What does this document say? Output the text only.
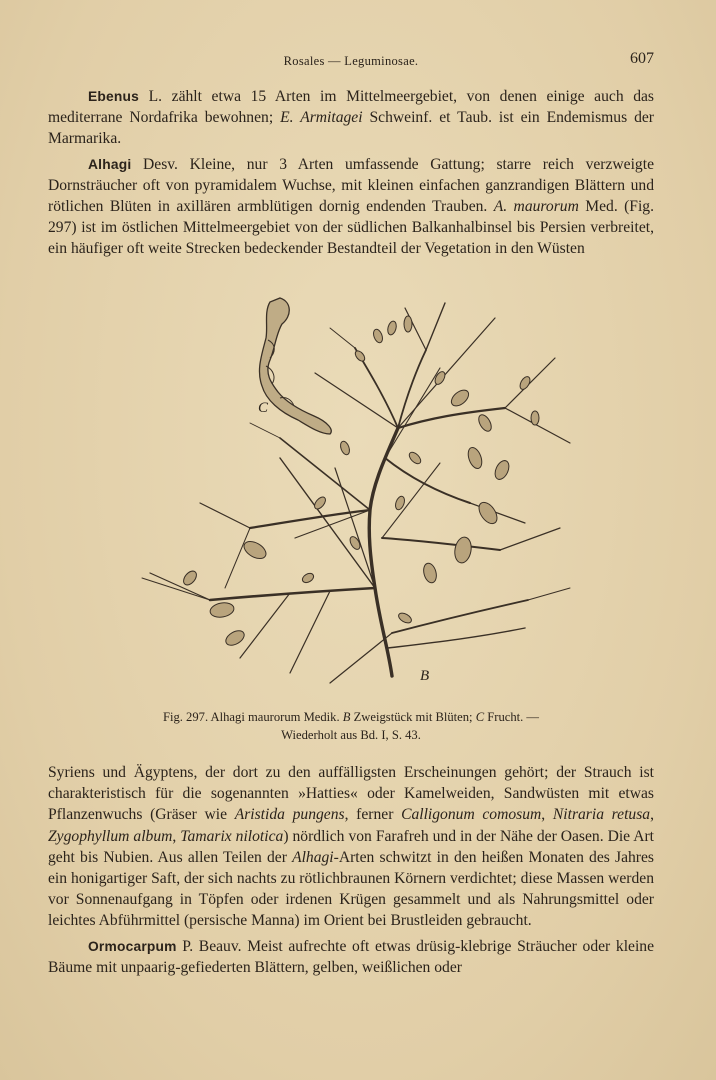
Rosales — Leguminosae.	607

Ebenus L. zählt etwa 15 Arten im Mittelmeergebiet, von denen einige auch das mediterrane Nordafrika bewohnen; E. Armitagei Schweinf. et Taub. ist ein Endemismus der Marmarika.

Alhagi Desv. Kleine, nur 3 Arten umfassende Gattung; starre reich verzweigte Dornsträucher oft von pyramidalem Wuchse, mit kleinen einfachen ganzrandigen Blättern und rötlichen Blüten in axillären armblütigen dornig endenden Trauben. A. maurorum Med. (Fig. 297) ist im östlichen Mittelmeergebiet von der südlichen Balkanhalbinsel bis Persien verbreitet, ein häufiger oft weite Strecken bedeckender Bestandteil der Vegetation in den Wüsten

C
B
Fig. 297. Alhagi maurorum Medik. B Zweigstück mit Blüten; C Frucht. —
Wiederholt aus Bd. I, S. 43.

Syriens und Ägyptens, der dort zu den auffälligsten Erscheinungen gehört; der Strauch ist charakteristisch für die sogenannten »Hatties« oder Kamelweiden, Sandwüsten mit etwas Pflanzenwuchs (Gräser wie Aristida pungens, ferner Calligonum comosum, Nitraria retusa, Zygophyllum album, Tamarix nilotica) nördlich von Farafreh und in der Nähe der Oasen. Die Art geht bis Nubien. Aus allen Teilen der Alhagi-Arten schwitzt in den heißen Monaten des Jahres ein honigartiger Saft, der sich nachts zu rötlichbraunen Körnern verdichtet; diese Massen werden vor Sonnenaufgang in Töpfen oder irdenen Krügen gesammelt und als Nahrungsmittel oder leichtes Abführmittel (persische Manna) im Orient bei Brustleiden gebraucht.

Ormocarpum P. Beauv. Meist aufrechte oft etwas drüsig-klebrige Sträucher oder kleine Bäume mit unpaarig-gefiederten Blättern, gelben, weißlichen oder
